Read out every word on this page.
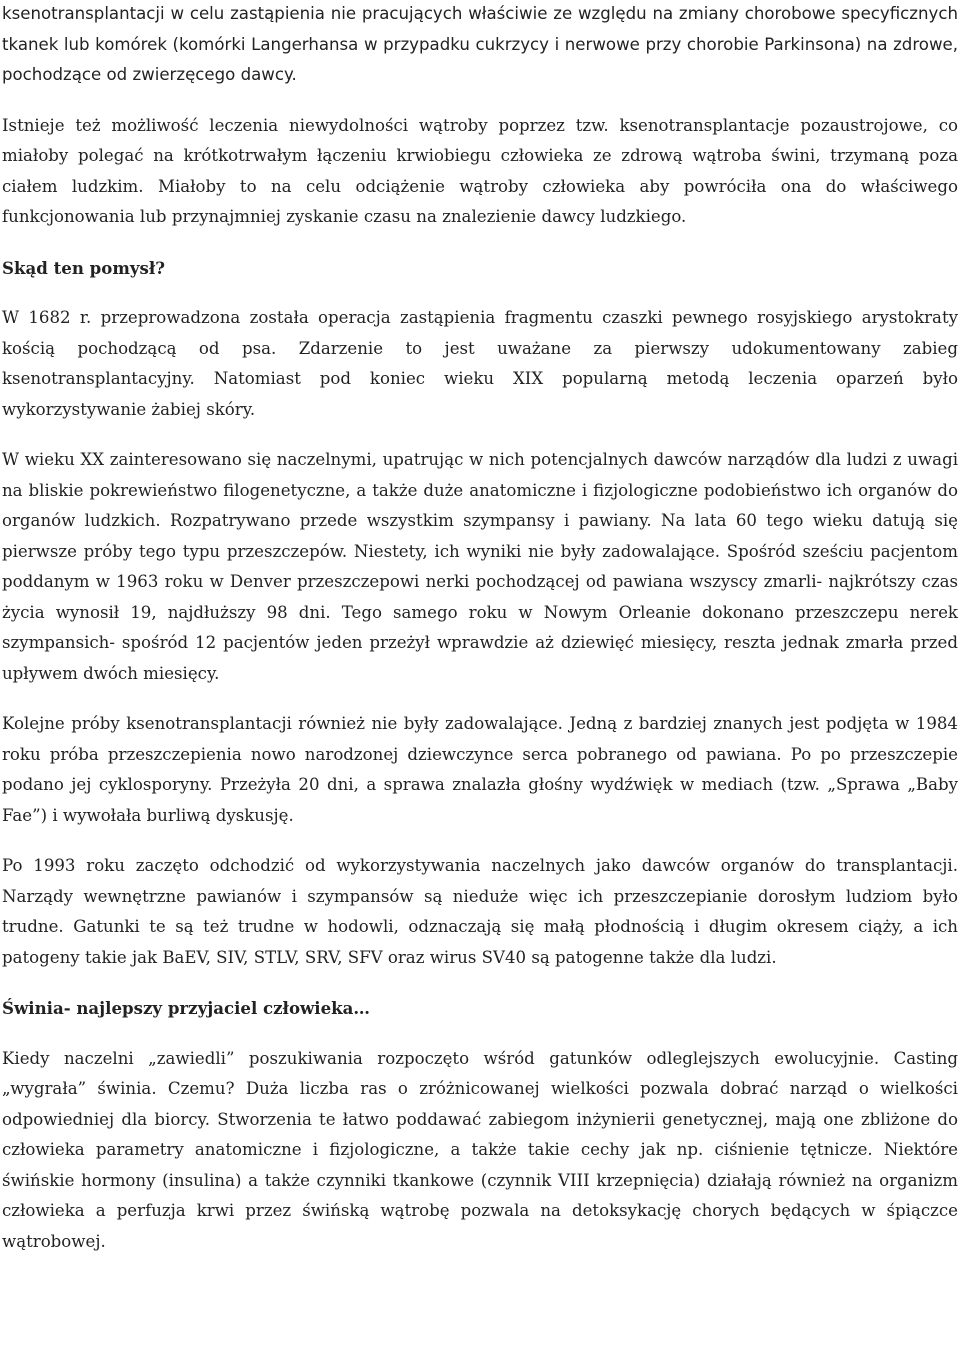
ksenotransplantacji w celu zastąpienia nie pracujących właściwie ze względu na zmiany chorobowe specyficznych tkanek lub komórek (komórki Langerhansa w przypadku cukrzycy i nerwowe przy chorobie Parkinsona) na zdrowe, pochodzące od zwierzęcego dawcy.

Istnieje też możliwość leczenia niewydolności wątroby poprzez tzw. ksenotransplantacje pozaustrojowe, co miałoby polegać na krótkotrwałym łączeniu krwiobiegu człowieka ze zdrową wątroba świni, trzymaną poza ciałem ludzkim. Miałoby to na celu odciążenie wątroby człowieka aby powróciła ona do właściwego funkcjonowania lub przynajmniej zyskanie czasu na znalezienie dawcy ludzkiego.

Skąd ten pomysł?

W 1682 r. przeprowadzona została operacja zastąpienia fragmentu czaszki pewnego rosyjskiego arystokraty kością pochodzącą od psa. Zdarzenie to jest uważane za pierwszy udokumentowany zabieg ksenotransplantacyjny. Natomiast pod koniec wieku XIX popularną metodą leczenia oparzeń było wykorzystywanie żabiej skóry.

W wieku XX zainteresowano się naczelnymi, upatrując w nich potencjalnych dawców narządów dla ludzi z uwagi na bliskie pokrewieństwo filogenetyczne, a także duże anatomiczne i fizjologiczne podobieństwo ich organów do organów ludzkich. Rozpatrywano przede wszystkim szympansy i pawiany. Na lata 60 tego wieku datują się pierwsze próby tego typu przeszczepów. Niestety, ich wyniki nie były zadowalające. Spośród sześciu pacjentom poddanym w 1963 roku w Denver przeszczepowi nerki pochodzącej od pawiana wszyscy zmarli- najkrótszy czas życia wynosił 19, najdłuższy 98 dni. Tego samego roku w Nowym Orleanie dokonano przeszczepu nerek szympansich- spośród 12 pacjentów jeden przeżył wprawdzie aż dziewięć miesięcy, reszta jednak zmarła przed upływem dwóch miesięcy.

Kolejne próby ksenotransplantacji również nie były zadowalające. Jedną z bardziej znanych jest podjęta w 1984 roku próba przeszczepienia nowo narodzonej dziewczynce serca pobranego od pawiana. Po po przeszczepie podano jej cyklosporyny. Przeżyła 20 dni, a sprawa znalazła głośny wydźwięk w mediach (tzw. „Sprawa „Baby Fae”) i wywołała burliwą dyskusję.

Po 1993 roku zaczęto odchodzić od wykorzystywania naczelnych jako dawców organów do transplantacji. Narządy wewnętrzne pawianów i szympansów są nieduże więc ich przeszczepianie dorosłym ludziom było trudne. Gatunki te są też trudne w hodowli, odznaczają się małą płodnością i długim okresem ciąży, a ich patogeny takie jak BaEV, SIV, STLV, SRV, SFV oraz wirus SV40 są patogenne także dla ludzi.

Świnia- najlepszy przyjaciel człowieka…

Kiedy naczelni „zawiedli” poszukiwania rozpoczęto wśród gatunków odleglejszych ewolucyjnie. Casting „wygrała” świnia. Czemu? Duża liczba ras o zróżnicowanej wielkości pozwala dobrać narząd o wielkości odpowiedniej dla biorcy. Stworzenia te łatwo poddawać zabiegom inżynierii genetycznej, mają one zbliżone do człowieka parametry anatomiczne i fizjologiczne, a także takie cechy jak np. ciśnienie tętnicze. Niektóre świńskie hormony (insulina) a także czynniki tkankowe (czynnik VIII krzepnięcia) działają również na organizm człowieka a perfuzja krwi przez świńską wątrobę pozwala na detoksykację chorych będących w śpiączce wątrobowej.
